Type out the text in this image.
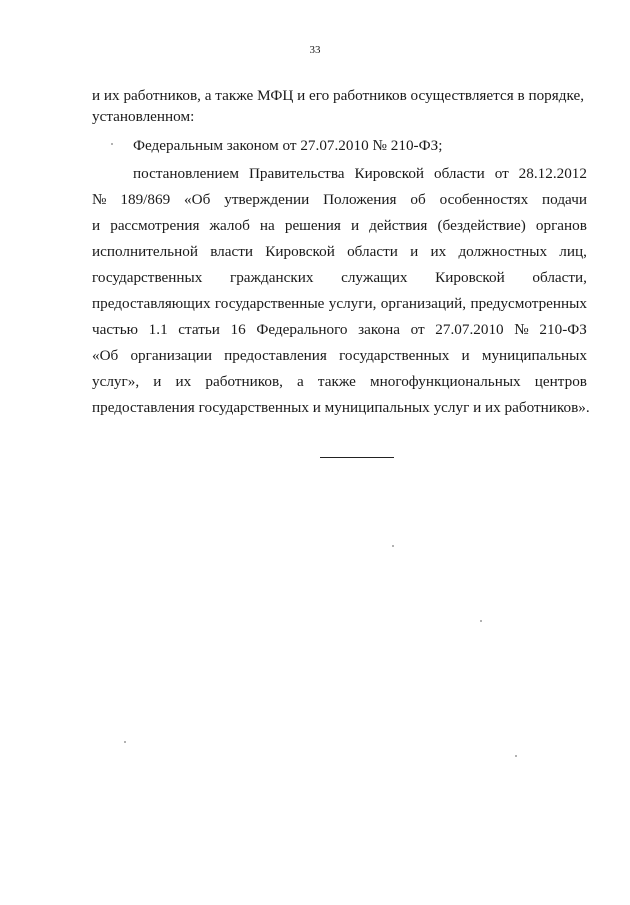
33
и их работников, а также МФЦ и его работников осуществляется в порядке,
установленном:
Федеральным законом от 27.07.2010 № 210-ФЗ;
постановлением Правительства Кировской области от 28.12.2012
№ 189/869 «Об утверждении Положения об особенностях подачи
и рассмотрения жалоб на решения и действия (бездействие) органов
исполнительной власти Кировской области и их должностных лиц,
государственных гражданских служащих Кировской области,
предоставляющих государственные услуги, организаций, предусмотренных
частью 1.1 статьи 16 Федерального закона от 27.07.2010 № 210-ФЗ
«Об организации предоставления государственных и муниципальных
услуг», и их работников, а также многофункциональных центров
предоставления государственных и муниципальных услуг и их работников».
